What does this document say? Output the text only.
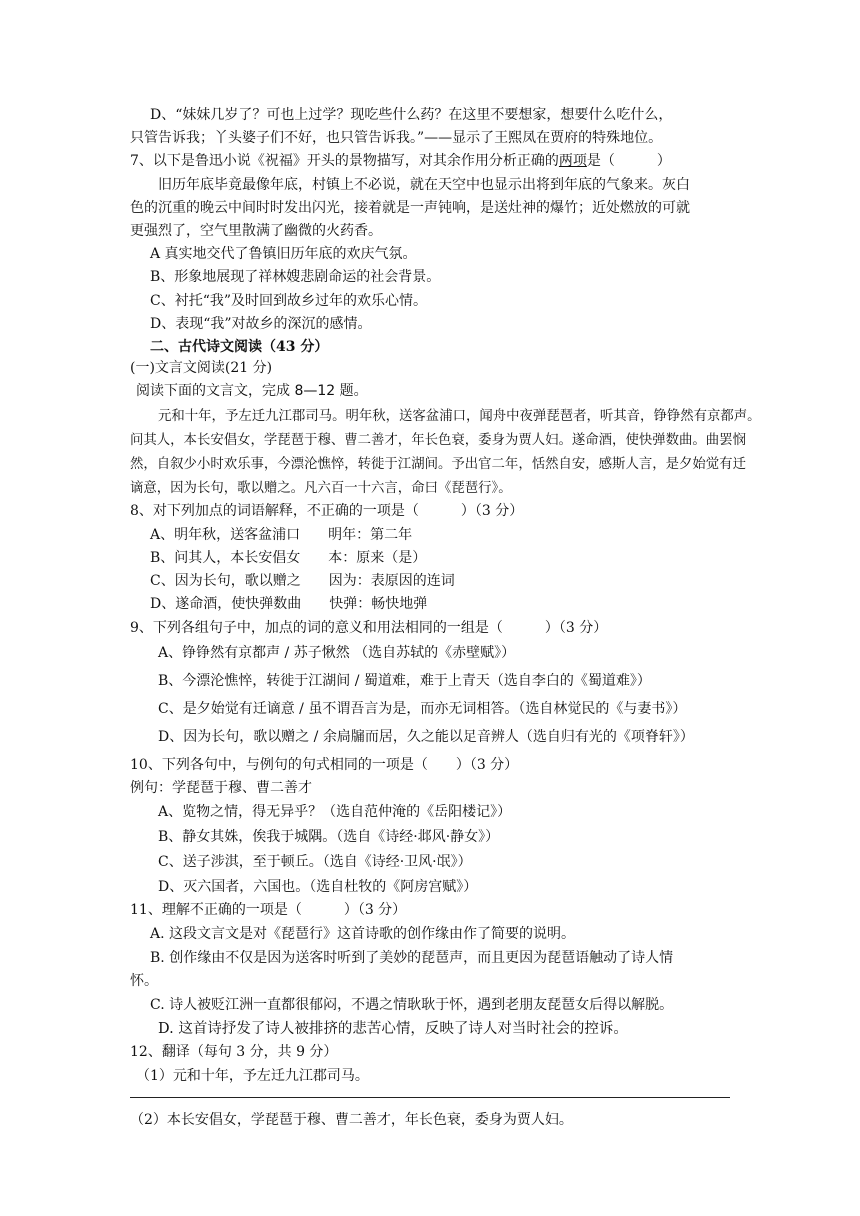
D、“妹妹几岁了？可也上过学？现吃些什么药？在这里不要想家，想要什么吃什么，
只管告诉我；丫头婆子们不好，也只管告诉我。”——显示了王熙凤在贾府的特殊地位。
7、以下是鲁迅小说《祝福》开头的景物描写，对其余作用分析正确的两项是（　　　）
旧历年底毕竟最像年底，村镇上不必说，就在天空中也显示出将到年底的气象来。灰白
色的沉重的晚云中间时时发出闪光，接着就是一声钝响，是送灶神的爆竹；近处燃放的可就
更强烈了，空气里散满了幽微的火药香。
A 真实地交代了鲁镇旧历年底的欢庆气氛。
B、形象地展现了祥林嫂悲剧命运的社会背景。
C、衬托“我”及时回到故乡过年的欢乐心情。
D、表现“我”对故乡的深沉的感情。
二、古代诗文阅读（43 分）
(一)文言文阅读(21 分)
阅读下面的文言文，完成 8—12 题。
元和十年，予左迁九江郡司马。明年秋，送客盆浦口，闻舟中夜弹琵琶者，听其音，铮铮然有京都声。
问其人，本长安倡女，学琵琶于穆、曹二善才，年长色衰，委身为贾人妇。遂命酒，使快弹数曲。曲罢悯
然，自叙少小时欢乐事，今漂沦憔悴，转徙于江湖间。予出官二年，恬然自安，感斯人言，是夕始觉有迁
谪意，因为长句，歌以赠之。凡六百一十六言，命曰《琵琶行》。
8、对下列加点的词语解释，不正确的一项是（　　　）（3 分）
A、明年秋，送客盆浦口　　明年：第二年
B、问其人，本长安倡女　　本：原来（是）
C、因为长句，歌以赠之　　因为：表原因的连词
D、遂命酒，使快弹数曲　　快弹：畅快地弹
9、下列各组句子中，加点的词的意义和用法相同的一组是（　　　）（3 分）
A、铮铮然有京都声 / 苏子愀然 （选自苏轼的《赤壁赋》）
B、今漂沦憔悴，转徙于江湖间 / 蜀道难，难于上青天（选自李白的《蜀道难》）
C、是夕始觉有迁谪意 / 虽不谓吾言为是，而亦无词相答。（选自林觉民的《与妻书》）
D、因为长句，歌以赠之 / 余扃牖而居，久之能以足音辨人（选自归有光的《项脊轩》）
10、下列各句中，与例句的句式相同的一项是（　　）（3 分）
例句：学琵琶于穆、曹二善才
A、览物之情，得无异乎？（选自范仲淹的《岳阳楼记》）
B、静女其姝，俟我于城隅。（选自《诗经·邶风·静女》）
C、送子涉淇，至于顿丘。（选自《诗经·卫风·氓》）
D、灭六国者，六国也。（选自杜牧的《阿房宫赋》）
11、理解不正确的一项是（　　　）（3 分）
A. 这段文言文是对《琵琶行》这首诗歌的创作缘由作了简要的说明。
B. 创作缘由不仅是因为送客时听到了美妙的琵琶声，而且更因为琵琶语触动了诗人情
怀。
C. 诗人被贬江洲一直都很郁闷，不遇之情耿耿于怀，遇到老朋友琵琶女后得以解脱。
D. 这首诗抒发了诗人被排挤的悲苦心情，反映了诗人对当时社会的控诉。
12、翻译（每句 3 分，共 9 分）
（1）元和十年，予左迁九江郡司马。
（2）本长安倡女，学琵琶于穆、曹二善才，年长色衰，委身为贾人妇。
